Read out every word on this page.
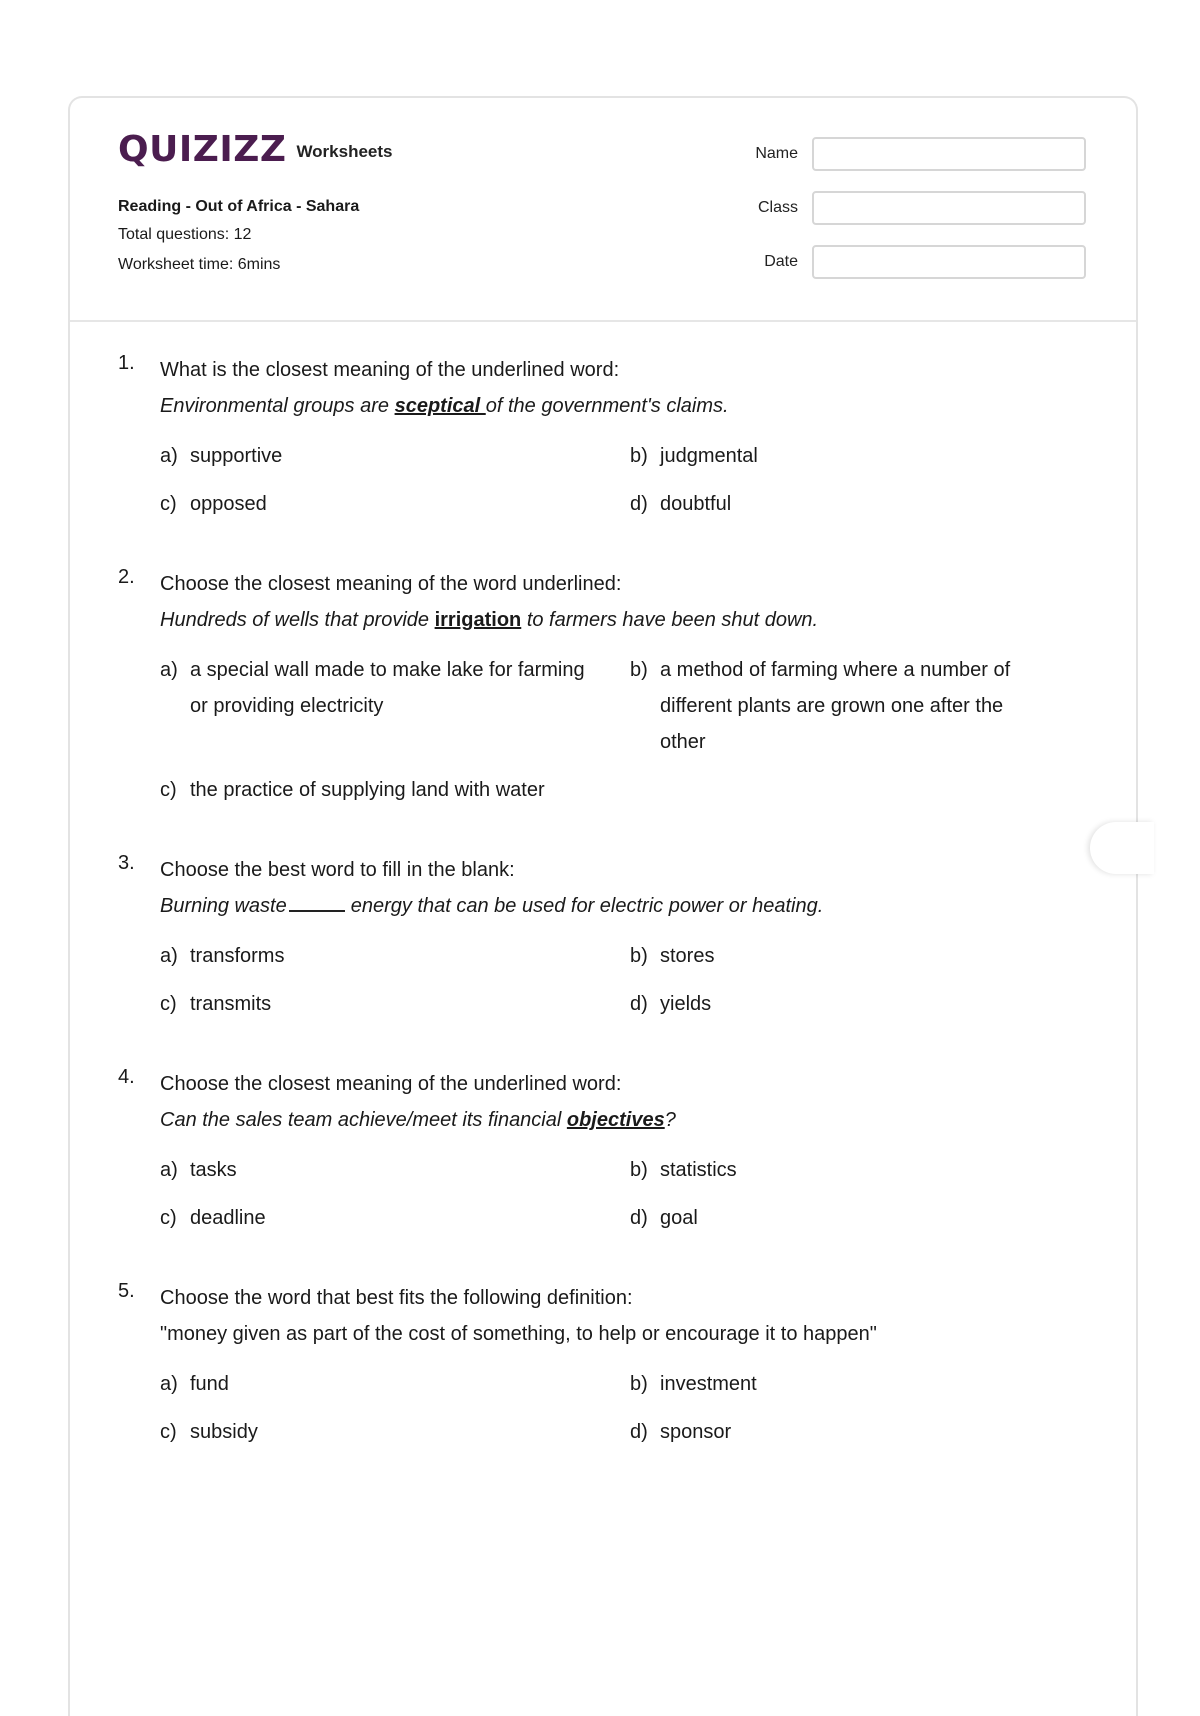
QUIZIZZ Worksheets
Reading - Out of Africa - Sahara
Total questions: 12
Worksheet time: 6mins
Name
Class
Date
1. What is the closest meaning of the underlined word:
Environmental groups are sceptical of the government's claims.
a) supportive	b) judgmental
c) opposed	d) doubtful
2. Choose the closest meaning of the word underlined:
Hundreds of wells that provide irrigation to farmers have been shut down.
a) a special wall made to make lake for farming or providing electricity
b) a method of farming where a number of different plants are grown one after the other
c) the practice of supplying land with water
3. Choose the best word to fill in the blank:
Burning waste	energy that can be used for electric power or heating.
a) transforms	b) stores
c) transmits	d) yields
4. Choose the closest meaning of the underlined word:
Can the sales team achieve/meet its financial objectives?
a) tasks	b) statistics
c) deadline	d) goal
5. Choose the word that best fits the following definition:
"money given as part of the cost of something, to help or encourage it to happen"
a) fund	b) investment
c) subsidy	d) sponsor
